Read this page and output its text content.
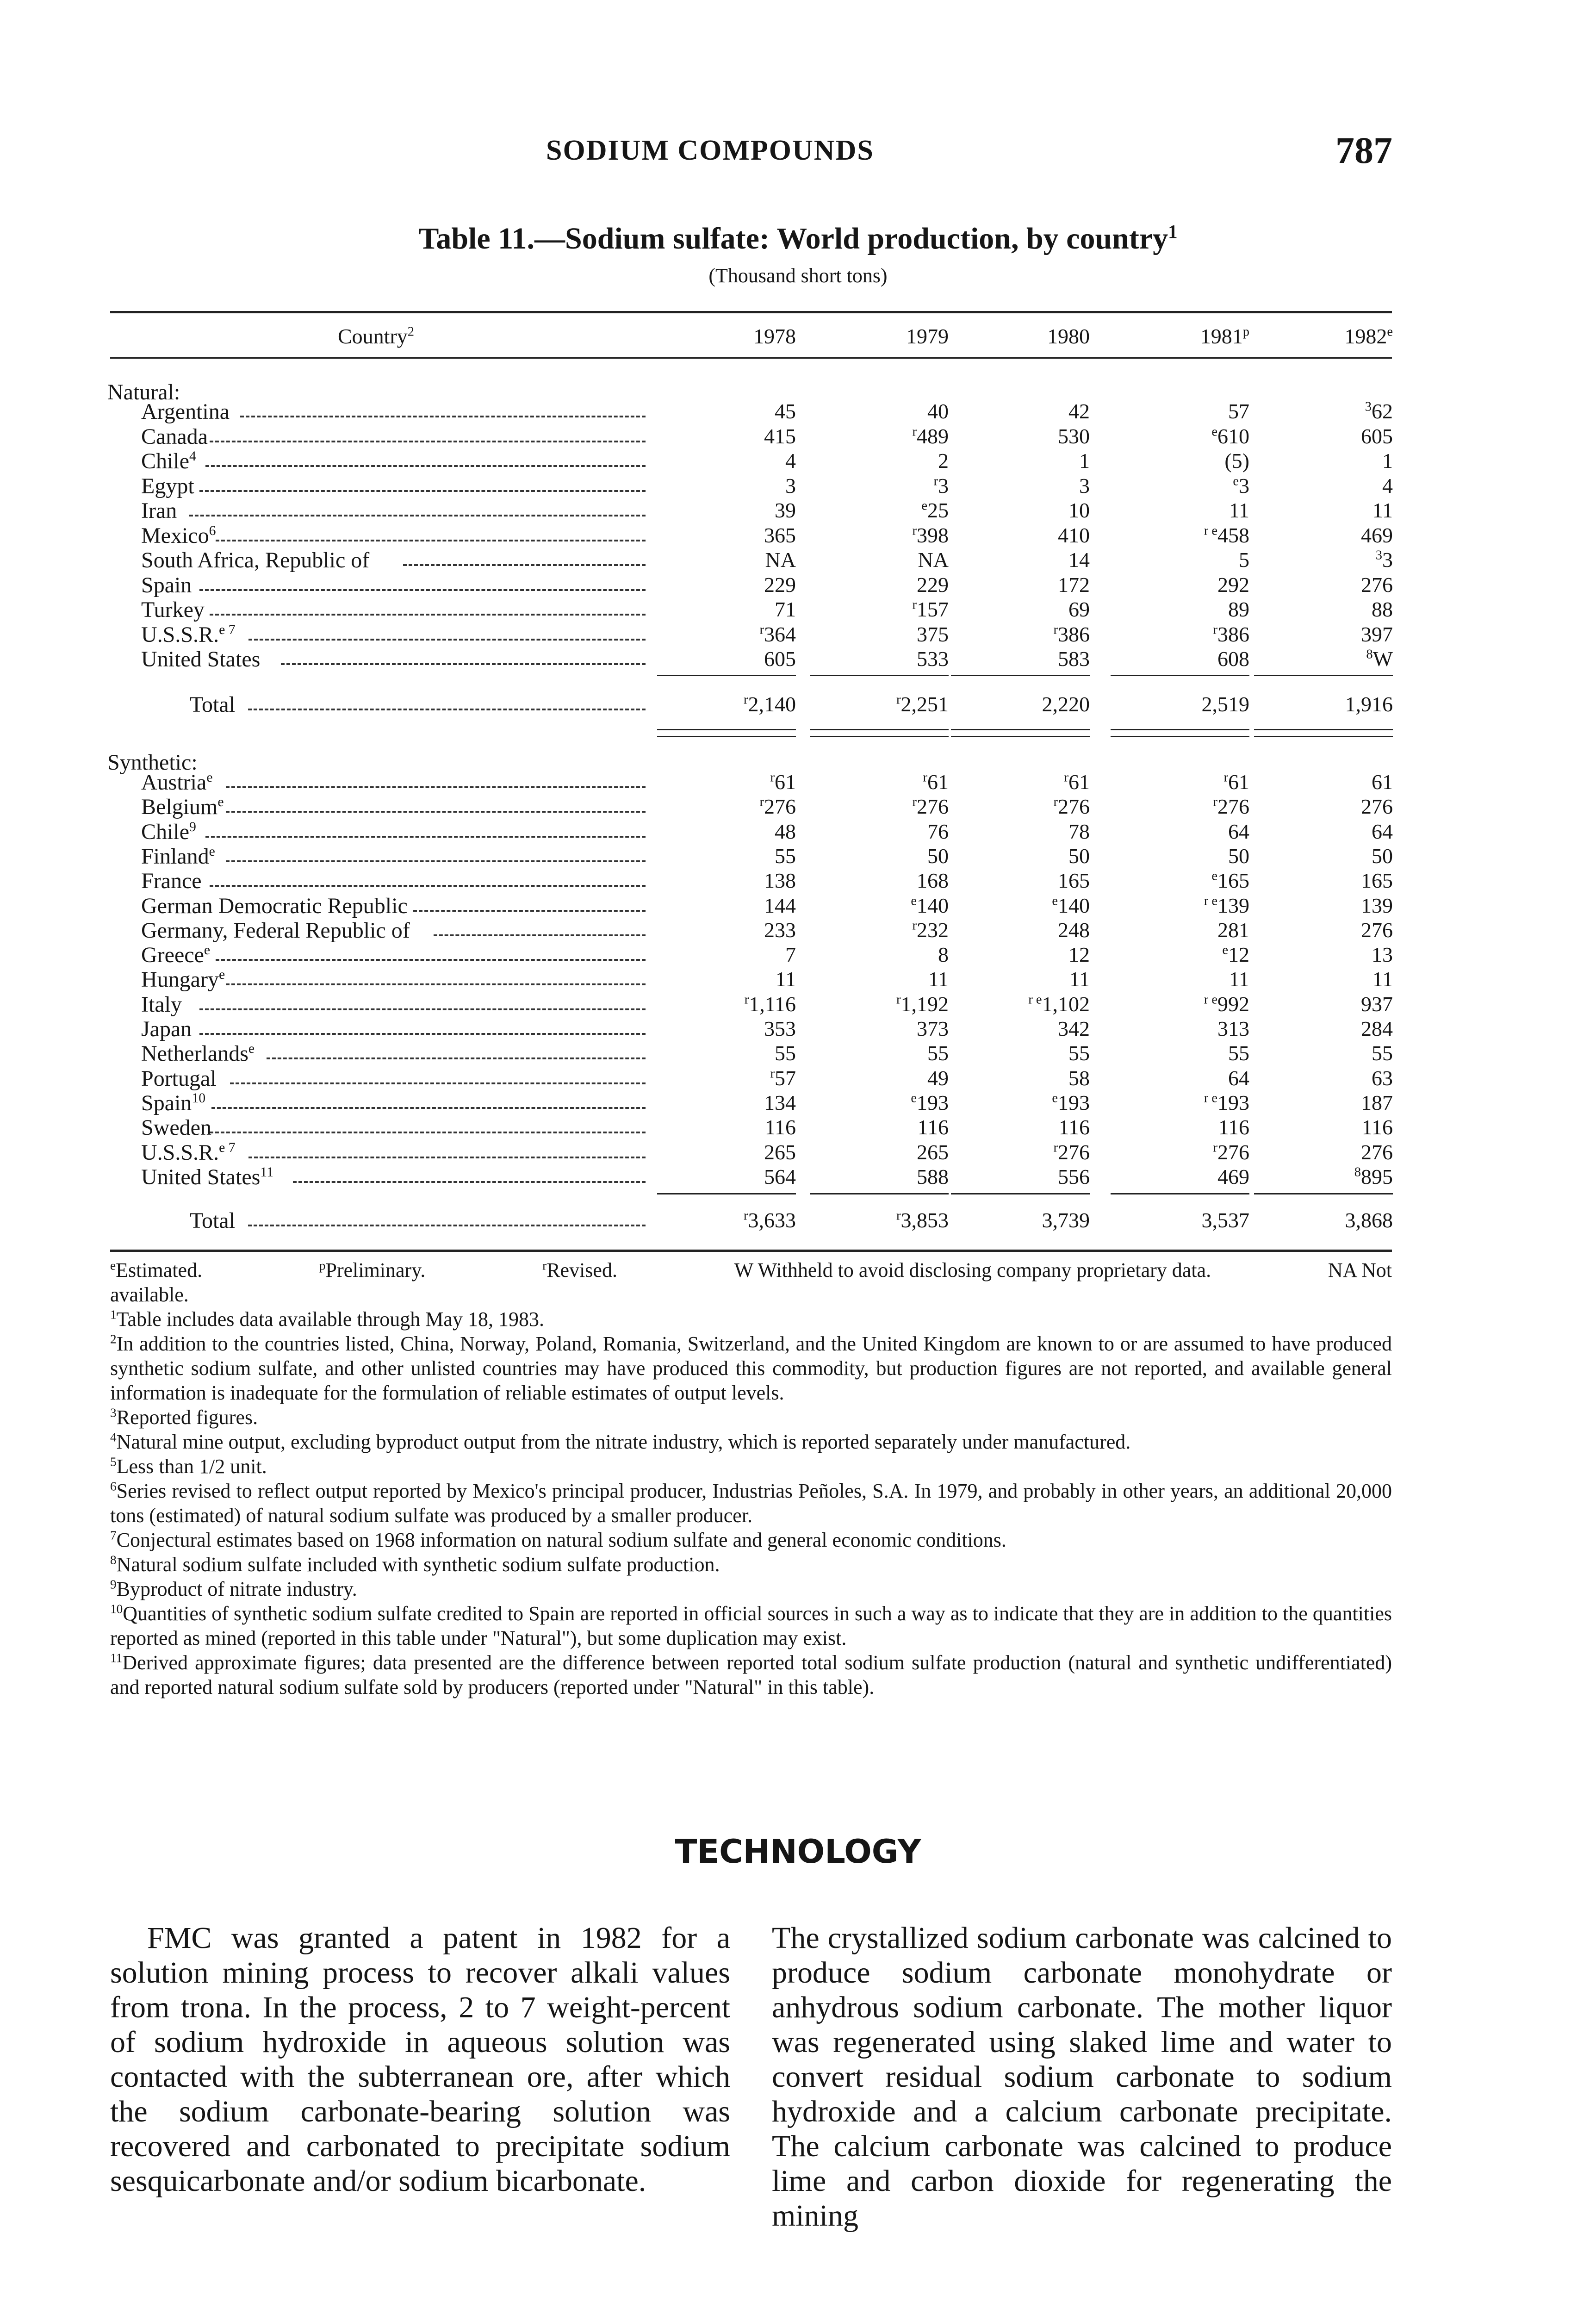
SODIUM COMPOUNDS	787
Table 11.—Sodium sulfate: World production, by country$^1$
(Thousand short tons)
Country$^2$	1978	1979	1980	1981$^p$	1982e
Natural:
Argentina	45	40	42	57	$^3$62
Canada	415	$^r$489	530	$^e$610	605
Chile$^4$	4	2	1	(5)	1
Egypt	3	$^r$3	3	$^e$3	4
Iran	39	$^e$25	10	11	11
Mexico$^6$	365	$^r$398	410	$^{r e}$458	469
South Africa, Republic of	NA	NA	14	5	$^3$3
Spain	229	229	172	292	276
Turkey	71	$^r$157	69	89	88
U.S.S.R.$^{e 7}$	$^r$364	375	$^r$386	$^r$386	397
United States	605	533	583	608	$^8$W
Total	$^r$2,140	$^r$2,251	2,220	2,519	1,916
Synthetic:
Austria$^e$	$^r$61	$^r$61	$^r$61	$^r$61	61
Belgium$^e$	$^r$276	$^r$276	$^r$276	$^r$276	276
Chile$^9$	48	76	78	64	64
Finland$^e$	55	50	50	50	50
France	138	168	165	$^e$165	165
German Democratic Republic	144	$^e$140	$^e$140	$^{r e}$139	139
Germany, Federal Republic of	233	$^r$232	248	281	276
Greece$^e$	7	8	12	$^e$12	13
Hungary$^e$	11	11	11	11	11
Italy	$^r$1,116	$^r$1,192	$^{r e}$1,102	$^{r e}$992	937
Japan	353	373	342	313	284
Netherlands$^e$	55	55	55	55	55
Portugal	$^r$57	49	58	64	63
Spain$^{10}$	134	$^e$193	$^e$193	$^{r e}$193	187
Sweden	116	116	116	116	116
U.S.S.R.$^{e 7}$	265	265	$^r$276	$^r$276	276
United States$^{11}$	564	588	556	469	$^8$895
Total	$^r$3,633	$^r$3,853	3,739	3,537	3,868

$^e$Estimated.	$^p$Preliminary.	$^r$Revised.	W Withheld to avoid disclosing company proprietary data.	NA Not

available.

$^1$Table includes data available through May 18, 1983.

$^2$In addition to the countries listed, China, Norway, Poland, Romania, Switzerland, and the United Kingdom are known to or are assumed to have produced synthetic sodium sulfate, and other unlisted countries may have produced this commodity, but production figures are not reported, and available general information is inadequate for the formulation of reliable estimates of output levels.

$^3$Reported figures.

$^4$Natural mine output, excluding byproduct output from the nitrate industry, which is reported separately under manufactured.

$^5$Less than 1/2 unit.

$^6$Series revised to reflect output reported by Mexico's principal producer, Industrias Peñoles, S.A. In 1979, and probably in other years, an additional 20,000 tons (estimated) of natural sodium sulfate was produced by a smaller producer.

$^7$Conjectural estimates based on 1968 information on natural sodium sulfate and general economic conditions.

$^8$Natural sodium sulfate included with synthetic sodium sulfate production.

$^9$Byproduct of nitrate industry.

$^{10}$Quantities of synthetic sodium sulfate credited to Spain are reported in official sources in such a way as to indicate that they are in addition to the quantities reported as mined (reported in this table under "Natural"), but some duplication may exist.

$^{11}$Derived approximate figures; data presented are the difference between reported total sodium sulfate production (natural and synthetic undifferentiated) and reported natural sodium sulfate sold by producers (reported under "Natural" in this table).

TECHNOLOGY
FMC was granted a patent in 1982 for a solution mining process to recover alkali values from trona. In the process, 2 to 7 weight-percent of sodium hydroxide in aqueous solution was contacted with the subterranean ore, after which the sodium carbonate-bearing solution was recovered and carbonated to precipitate sodium sesquicarbonate and/or sodium bicarbonate.
The crystallized sodium carbonate was calcined to produce sodium carbonate monohydrate or anhydrous sodium carbonate. The mother liquor was regenerated using slaked lime and water to convert residual sodium carbonate to sodium hydroxide and a calcium carbonate precipitate. The calcium carbonate was calcined to produce lime and carbon dioxide for regenerating the mining
